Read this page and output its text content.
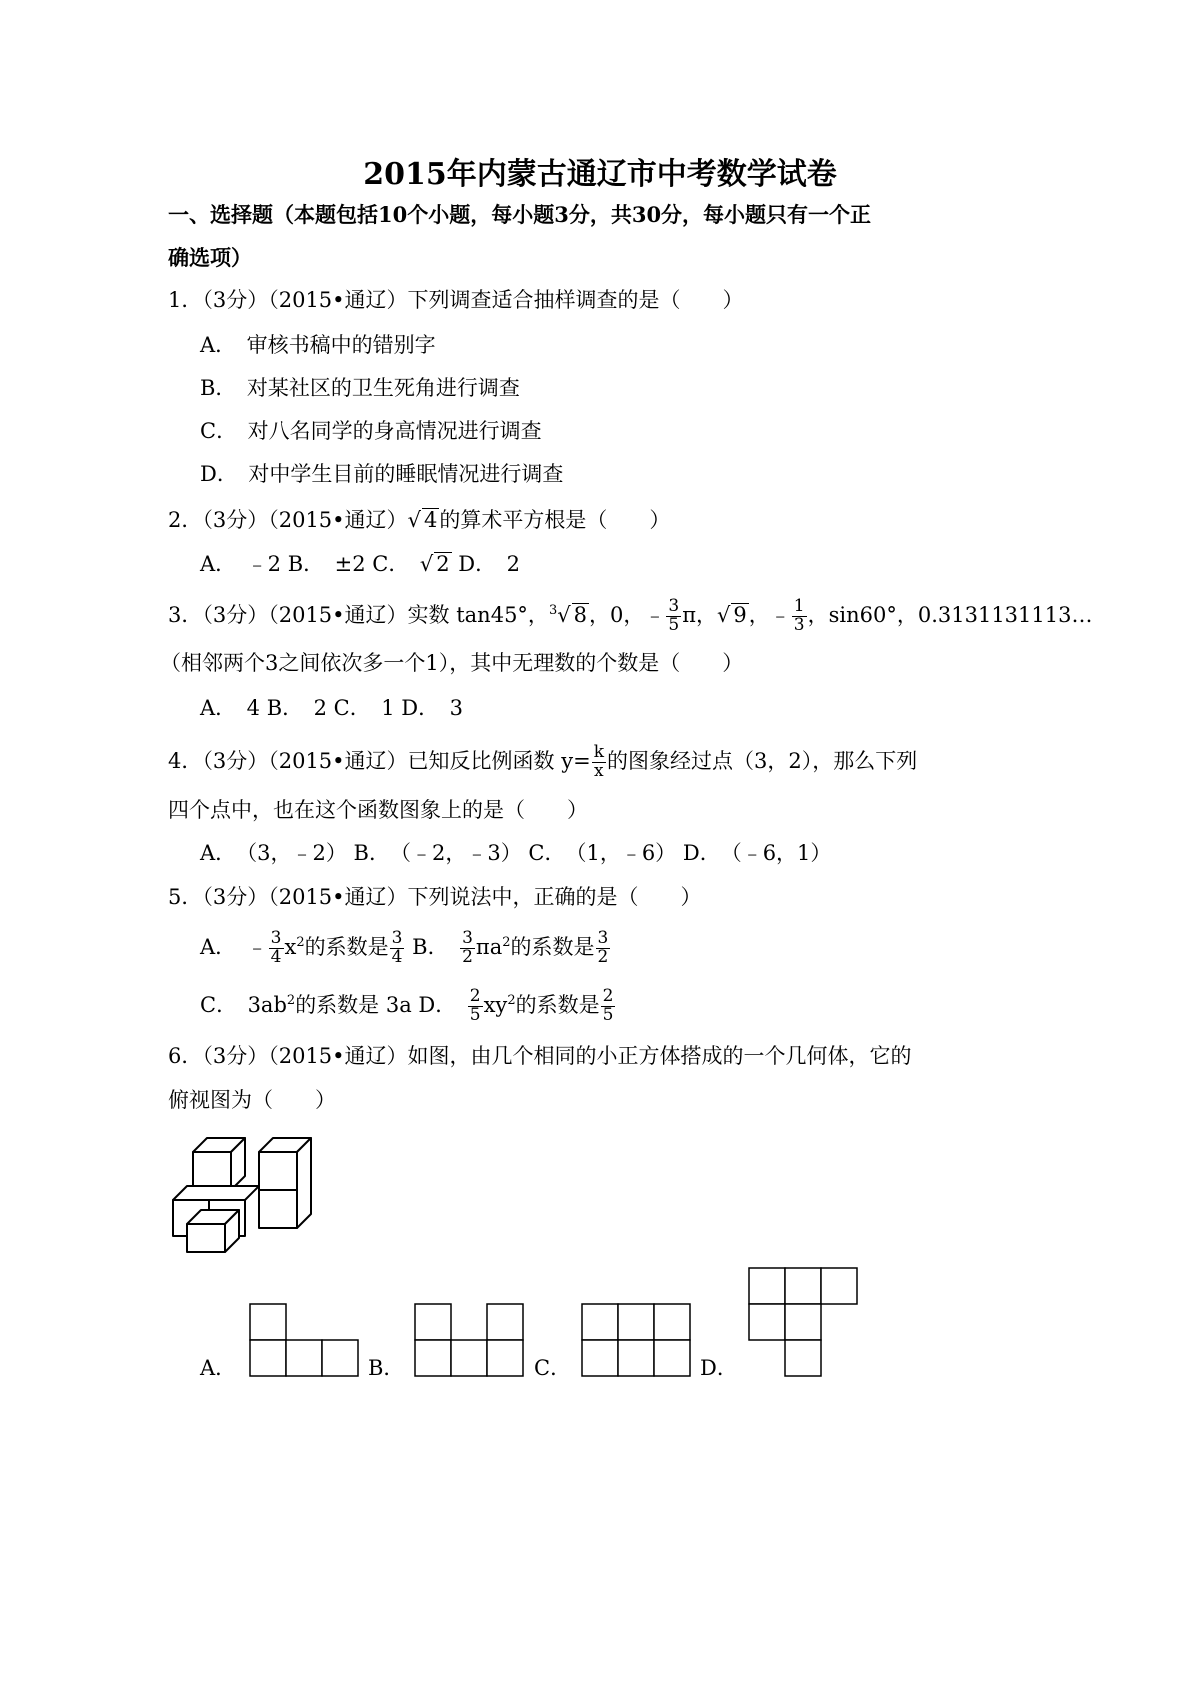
2015年内蒙古通辽市中考数学试卷
一、选择题（本题包括10个小题，每小题3分，共30分，每小题只有一个正
确选项）
1．（3分）（2015•通辽）下列调查适合抽样调查的是（　　）
A．　审核书稿中的错别字
B．　对某社区的卫生死角进行调查
C．　对八名同学的身高情况进行调查
D．　对中学生目前的睡眠情况进行调查
2．（3分）（2015•通辽）√ 4的算术平方根是（　　）
A．　﹣2 B．　±2 C．　√ 2 D．　2
3．（3分）（2015•通辽）实数 tan45°，$^3$√ 8，0，﹣ $\frac{3}{5}$ π，√ 9，﹣ $\frac{1}{3}$ ，sin60°，0.3131131113…
（相邻两个3之间依次多一个1），其中无理数的个数是（　　）
A．　4 B．　2 C．　1 D．　3
4．（3分）（2015•通辽）已知反比例函数 $y= \frac{k}{x}$ 的图象经过点（3，2），那么下列
四个点中，也在这个函数图象上的是（　　）
A．　（3，﹣2） B．　（﹣2，﹣3） C．　（1，﹣6） D．　（﹣6，1）
5．（3分）（2015•通辽）下列说法中，正确的是（　　）
A．　﹣ $\frac{3}{4} x^2$的系数是 $\frac{3}{4}$ B．　 $\frac{3}{2} \pi a^2$的系数是 $\frac{3}{2}$
C．　$3ab^2$的系数是 3a D．　 $\frac{2}{5} xy^2$的系数是 $\frac{2}{5}$
6．（3分）（2015•通辽）如图，由几个相同的小正方体搭成的一个几何体，它的
俯视图为（　　）
A．	B．	C．	D．
